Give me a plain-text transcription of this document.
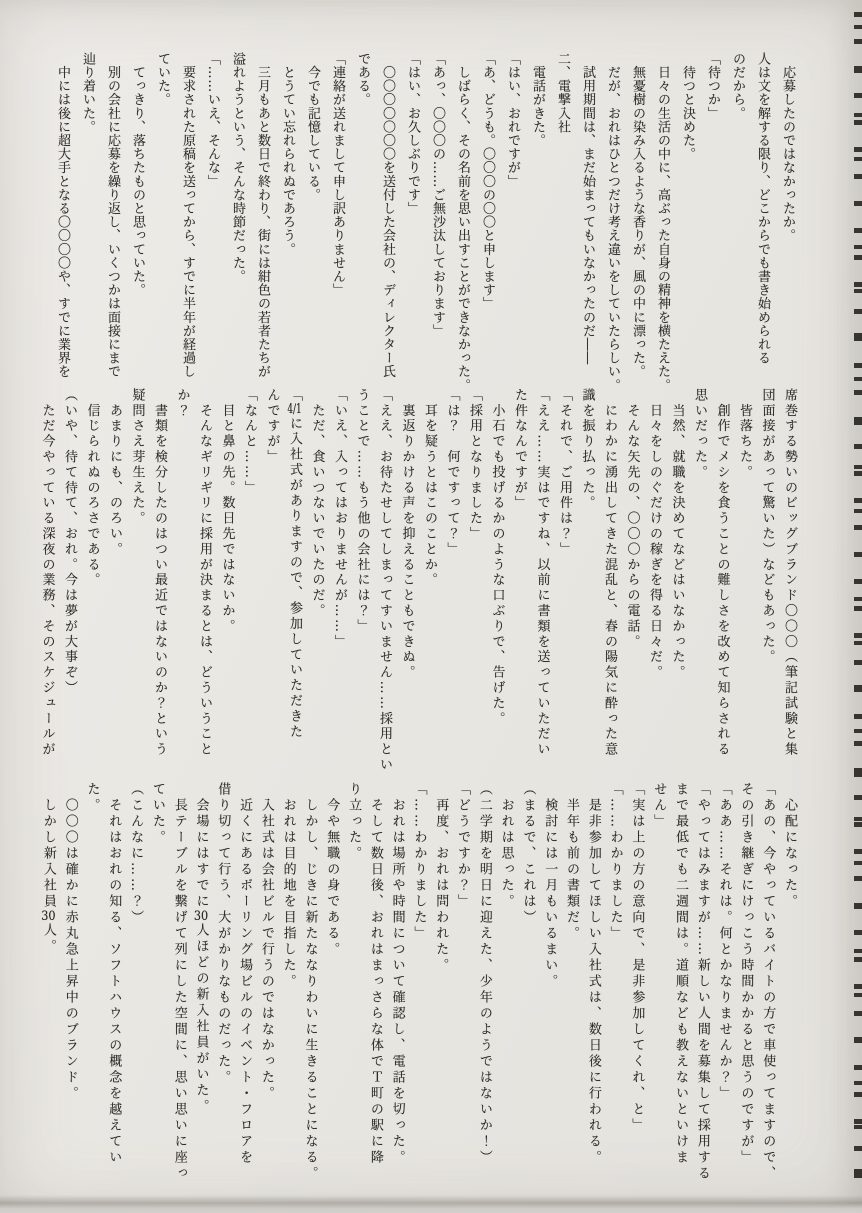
　応募したのではなかったか。

人は文を解する限り、どこからでも書き始められる

のだから。

「待つか」

　待つと決めた。

　日々の生活の中に、高ぶった自身の精神を横たえた。

　無憂樹の染み入るような香りが、風の中に漂った。

　だが、おれはひとつだけ考え違いをしていたらしい。

　試用期間は、まだ始まってもいなかったのだ――

二、電撃入社

　電話がきた。

「はい、おれですが」

「あ、どうも。〇〇〇の〇〇と申します」

　しばらく、その名前を思い出すことができなかった。

「あっ、〇〇〇の……ご無沙汰しております」

「はい、お久しぶりです」

　〇〇〇〇〇〇〇を送付した会社の、ディレクター氏

である。

「連絡が送れまして申し訳ありません」

　今でも記憶している。

　とうてい忘れられぬであろう。

　三月もあと数日で終わり、街には紺色の若者たちが

溢れようという、そんな時節だった。

「……いえ、そんな」

　要求された原稿を送ってから、すでに半年が経過し

ていた。

　てっきり、落ちたものと思っていた。

　別の会社に応募を繰り返し、いくつかは面接にまで

辿り着いた。

　中には後に超大手となる〇〇〇〇や、すでに業界を

席巻する勢いのビッグブランド〇〇〇（筆記試験と集

団面接があって驚いた）などもあった。

　皆落ちた。

　創作でメシを食うことの難しさを改めて知らされる

思いだった。

　当然、就職を決めてなどはいなかった。

　日々をしのぐだけの稼ぎを得る日々だ。

　そんな矢先の、〇〇〇からの電話。

　にわかに湧出してきた混乱と、春の陽気に酔った意

識を振り払った。

「それで、ご用件は？」

「ええ……実はですね、以前に書類を送っていただい

た件なんですが」

　小石でも投げるかのような口ぶりで、告げた。

「採用となりました」

「は？　何ですって？」

　耳を疑うとはこのことか。

　裏返りかける声を抑えることもできぬ。

「ええ、お待たせしてしまってすいません……採用とい

うことで……もう他の会社には？」

「いえ、入ってはおりませんが……」

　ただ、食いつないでいたのだ。

「4/1に入社式がありますので、参加していただきた

んですが」

「なんと……」

　目と鼻の先。数日先ではないか。

　そんなギリギリに採用が決まるとは、どういうこと

か？

　書類を検分したのはつい最近ではないのか？という

疑問さえ芽生えた。

　あまりにも、のろい。

　信じられぬのろさである。

（いや、待て待て、おれ。今は夢が大事ぞ）

　ただ今やっている深夜の業務、そのスケジュールが

　心配になった。

「あの、今やっているバイトの方で車使ってますので、

その引き継ぎにけっこう時間かかると思うのですが」

「ああ……それは。何とかなりませんか？」

「やってはみますが……新しい人間を募集して採用する

まで最低でも二週間は。道順なども教えないといけま

せん」

「実は上の方の意向で、是非参加してくれ、と」

「……わかりました」

　是非参加してほしい入社式は、数日後に行われる。

　半年も前の書類だ。

　検討には一月もいるまい。

（まるで、これは）

　おれは思った。

（二学期を明日に迎えた、少年のようではないか！）

「どうですか？」

　再度、おれは問われた。

「……わかりました」

　おれは場所や時間について確認し、電話を切った。

　そして数日後、おれはまっさらな体でＴ町の駅に降

り立った。

　今や無職の身である。

　しかし、じきに新たななりわいに生きることになる。

　おれは目的地を目指した。

　入社式は会社ビルで行うのではなかった。

　近くにあるボーリング場ビルのイベント・フロアを

借り切って行う、大がかりなものだった。

　会場にはすでに30人ほどの新入社員がいた。

　長テーブルを繋げて列にした空間に、思い思いに座っ

ていた。

（こんなに……？）

　それはおれの知る、ソフトハウスの概念を越えてい

た。

　〇〇〇は確かに赤丸急上昇中のブランド。

　しかし新入社員30人。
